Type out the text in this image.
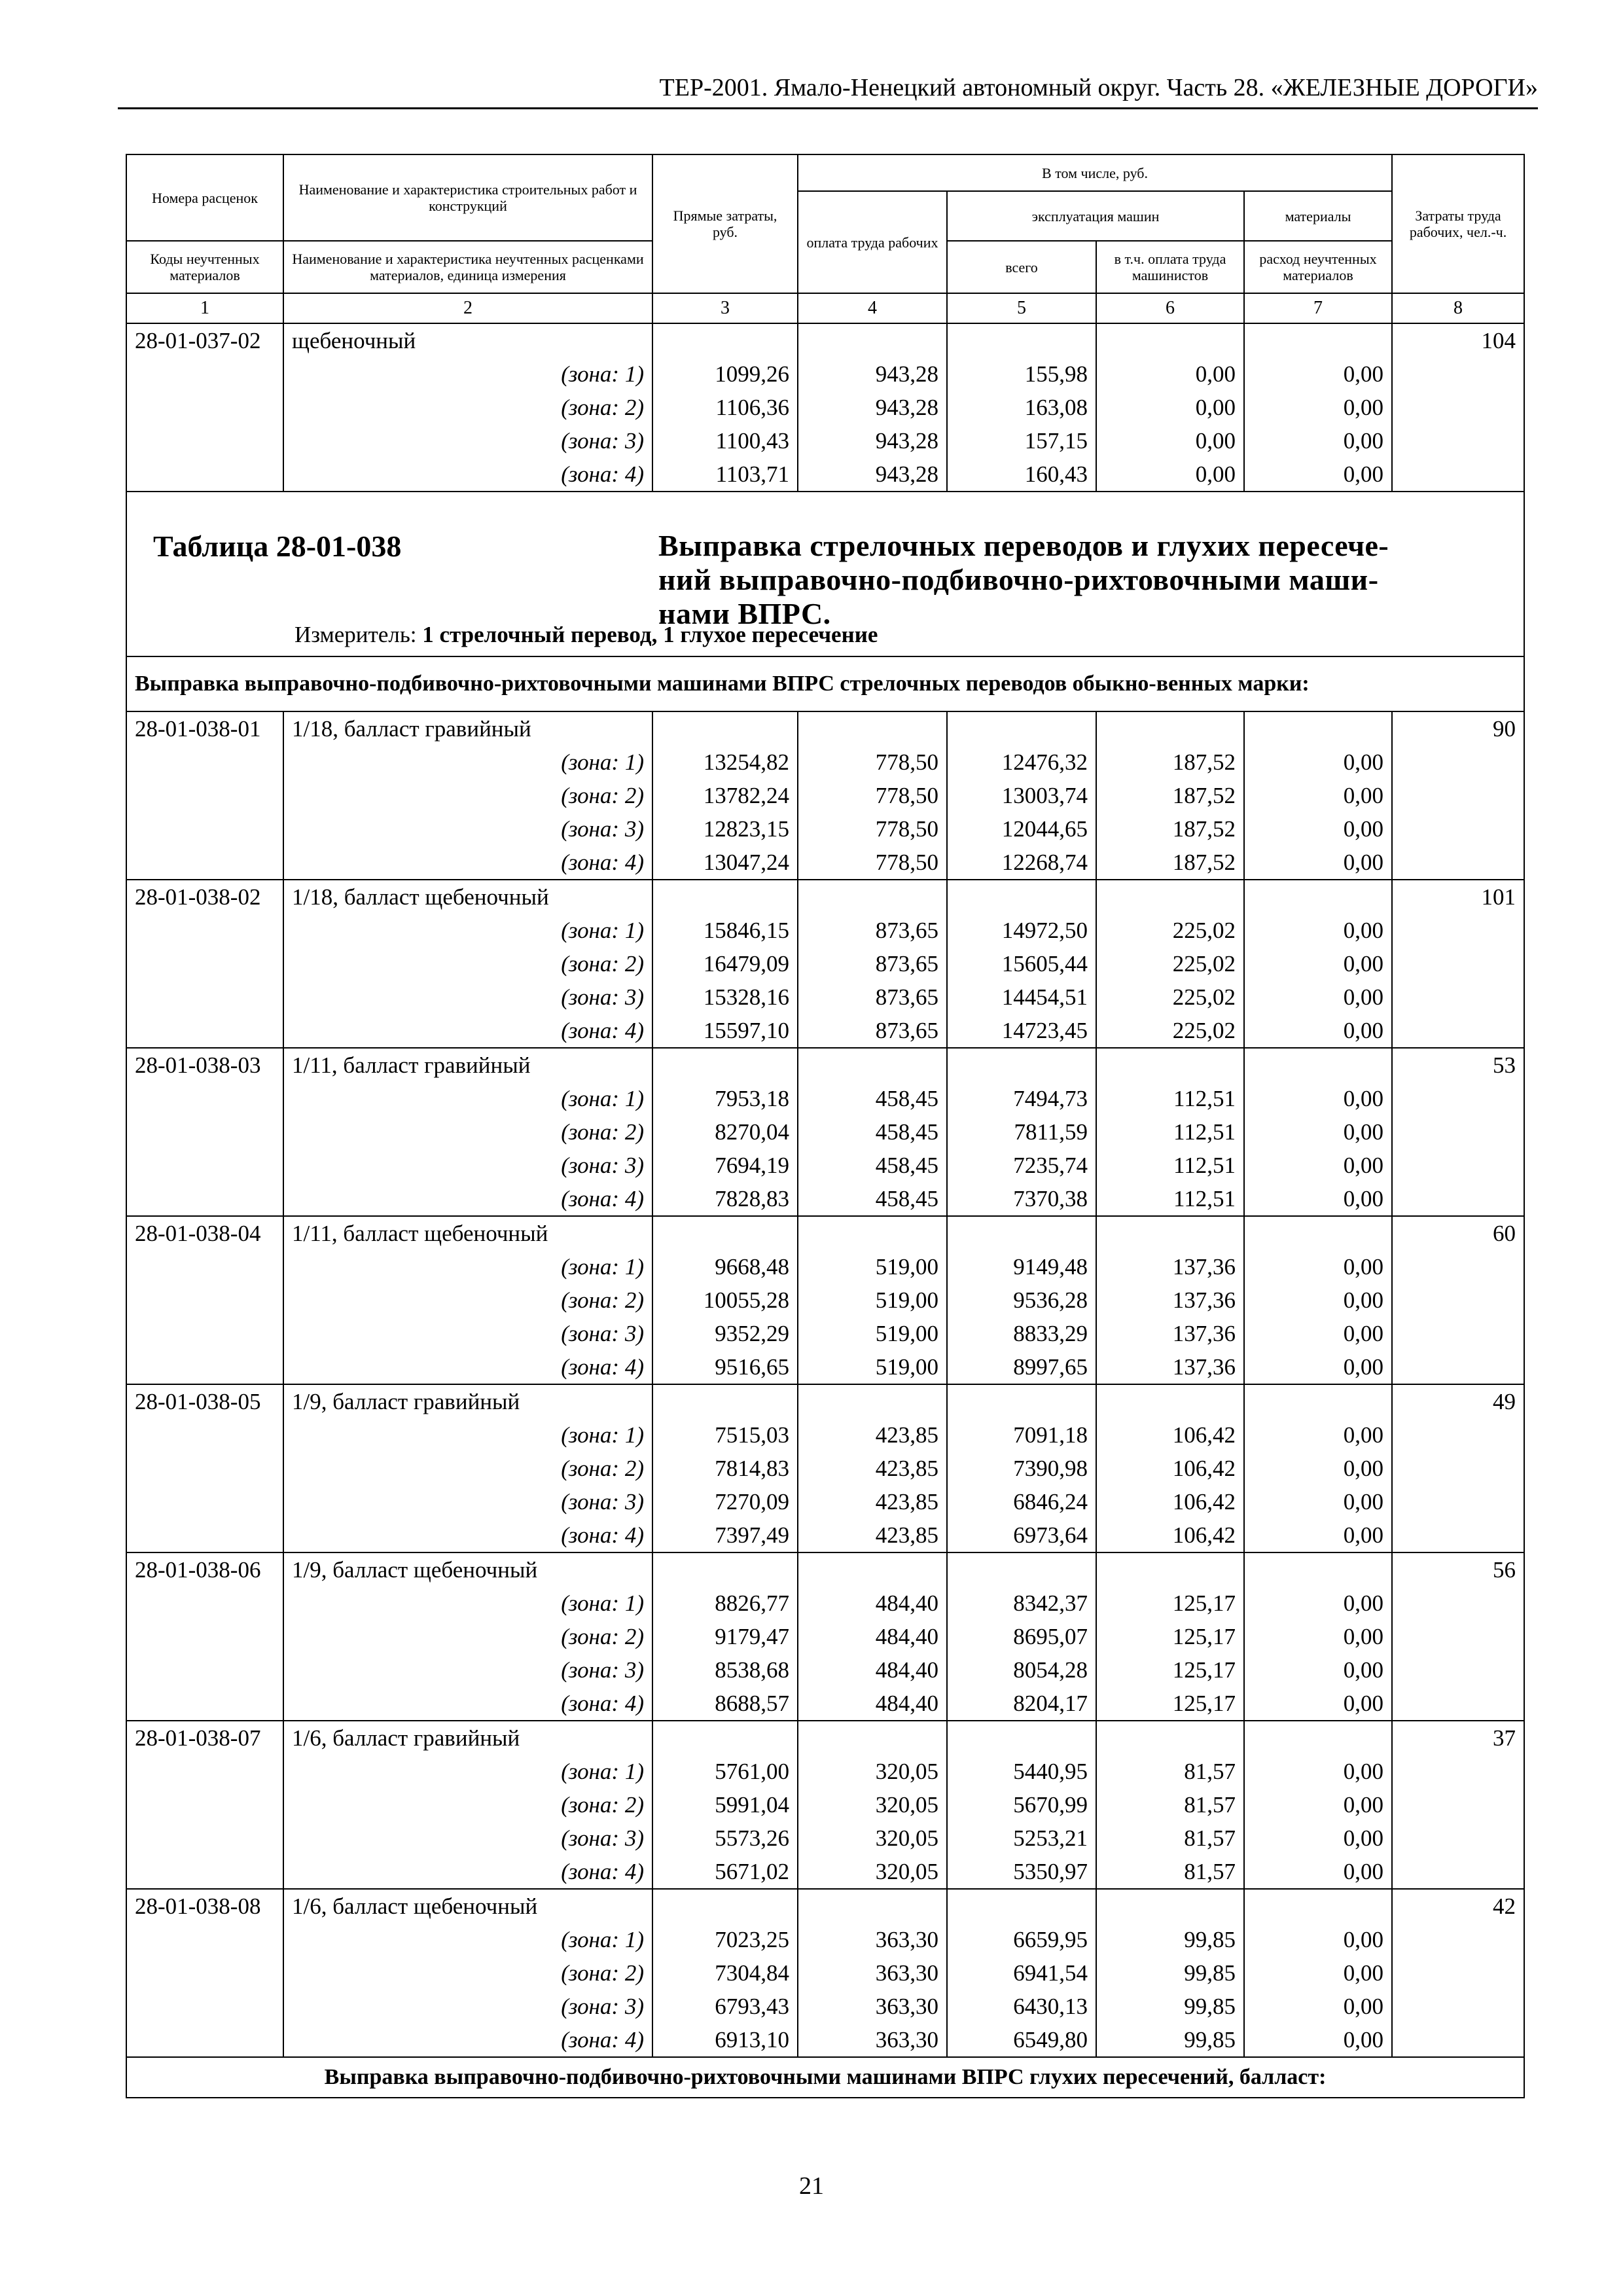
ТЕР-2001. Ямало-Ненецкий автономный округ. Часть 28. «ЖЕЛЕЗНЫЕ ДОРОГИ»
Номера расценок	Наименование и характеристика строительных работ и конструкций	Прямые затраты, руб.	В том числе, руб.				Затраты труда рабочих, чел.-ч.
			оплата труда рабочих	эксплуатация машин		материалы	
Коды неучтенных материалов	Наименование и характеристика неучтенных расценками материалов, единица измерения			всего	в т.ч. оплата труда машинистов	расход неучтенных материалов	
1	2	3	4	5	6	7	8
28-01-037-02	щебеночный						104
	(зона: 1)	1099,26	943,28	155,98	0,00	0,00	
	(зона: 2)	1106,36	943,28	163,08	0,00	0,00	
	(зона: 3)	1100,43	943,28	157,15	0,00	0,00	
	(зона: 4)	1103,71	943,28	160,43	0,00	0,00	

Таблица 28-01-038 Выправка стрелочных переводов и глухих пересече-
ний выправочно-подбивочно-рихтовочными маши-
нами ВПРС.
Измеритель: 1 стрелочный перевод, 1 глухое пересечение							

Выправка выправочно-подбивочно-рихтовочными машинами ВПРС стрелочных переводов обыкно-венных марки:							
28-01-038-01	1/18, балласт гравийный						90
	(зона: 1)	13254,82	778,50	12476,32	187,52	0,00	
	(зона: 2)	13782,24	778,50	13003,74	187,52	0,00	
	(зона: 3)	12823,15	778,50	12044,65	187,52	0,00	
	(зона: 4)	13047,24	778,50	12268,74	187,52	0,00	
28-01-038-02	1/18, балласт щебеночный						101
	(зона: 1)	15846,15	873,65	14972,50	225,02	0,00	
	(зона: 2)	16479,09	873,65	15605,44	225,02	0,00	
	(зона: 3)	15328,16	873,65	14454,51	225,02	0,00	
	(зона: 4)	15597,10	873,65	14723,45	225,02	0,00	
28-01-038-03	1/11, балласт гравийный						53
	(зона: 1)	7953,18	458,45	7494,73	112,51	0,00	
	(зона: 2)	8270,04	458,45	7811,59	112,51	0,00	
	(зона: 3)	7694,19	458,45	7235,74	112,51	0,00	
	(зона: 4)	7828,83	458,45	7370,38	112,51	0,00	
28-01-038-04	1/11, балласт щебеночный						60
	(зона: 1)	9668,48	519,00	9149,48	137,36	0,00	
	(зона: 2)	10055,28	519,00	9536,28	137,36	0,00	
	(зона: 3)	9352,29	519,00	8833,29	137,36	0,00	
	(зона: 4)	9516,65	519,00	8997,65	137,36	0,00	
28-01-038-05	1/9, балласт гравийный						49
	(зона: 1)	7515,03	423,85	7091,18	106,42	0,00	
	(зона: 2)	7814,83	423,85	7390,98	106,42	0,00	
	(зона: 3)	7270,09	423,85	6846,24	106,42	0,00	
	(зона: 4)	7397,49	423,85	6973,64	106,42	0,00	
28-01-038-06	1/9, балласт щебеночный						56
	(зона: 1)	8826,77	484,40	8342,37	125,17	0,00	
	(зона: 2)	9179,47	484,40	8695,07	125,17	0,00	
	(зона: 3)	8538,68	484,40	8054,28	125,17	0,00	
	(зона: 4)	8688,57	484,40	8204,17	125,17	0,00	
28-01-038-07	1/6, балласт гравийный						37
	(зона: 1)	5761,00	320,05	5440,95	81,57	0,00	
	(зона: 2)	5991,04	320,05	5670,99	81,57	0,00	
	(зона: 3)	5573,26	320,05	5253,21	81,57	0,00	
	(зона: 4)	5671,02	320,05	5350,97	81,57	0,00	
28-01-038-08	1/6, балласт щебеночный						42
	(зона: 1)	7023,25	363,30	6659,95	99,85	0,00	
	(зона: 2)	7304,84	363,30	6941,54	99,85	0,00	
	(зона: 3)	6793,43	363,30	6430,13	99,85	0,00	
	(зона: 4)	6913,10	363,30	6549,80	99,85	0,00	
Выправка выправочно-подбивочно-рихтовочными машинами ВПРС глухих пересечений, балласт:							
21
